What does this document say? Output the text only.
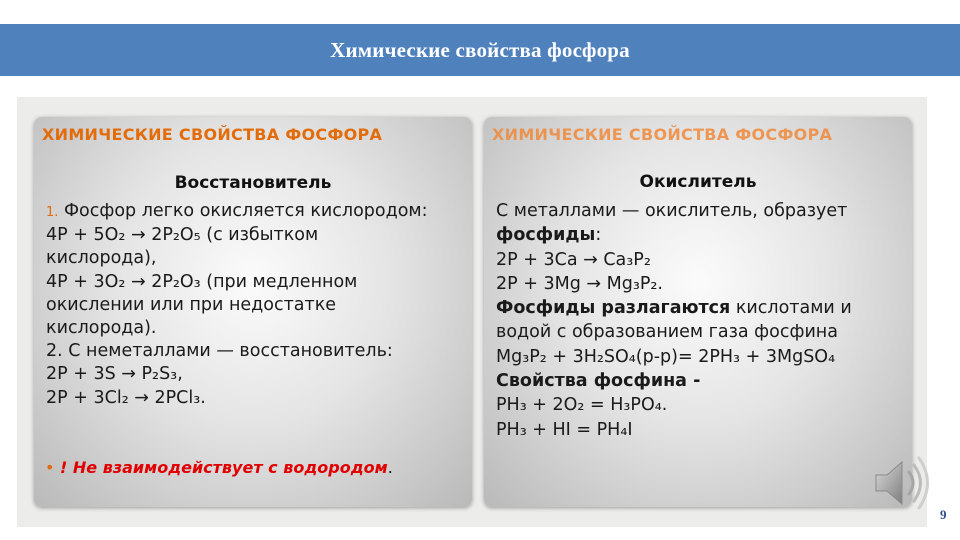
Химические свойства фосфора
ХИМИЧЕСКИЕ СВОЙСТВА ФОСФОРА
Восстановитель
1. Фосфор легко окисляется кислородом:
4P + 5O₂ → 2P₂O₅ (с избытком
кислорода),
4P + 3O₂ → 2P₂O₃ (при медленном
окислении или при недостатке
кислорода).
2. С неметаллами — восстановитель:
2P + 3S → P₂S₃,
2P + 3Cl₂ → 2PCl₃.
• ! Не взаимодействует с водородом.
ХИМИЧЕСКИЕ СВОЙСТВА ФОСФОРА
Окислитель
С металлами — окислитель, образует
фосфиды:
2P + 3Ca → Ca₃P₂
2P + 3Mg → Mg₃P₂.
Фосфиды разлагаются кислотами и
водой с образованием газа фосфина
Mg₃P₂ + 3H₂SO₄(р-р)= 2PH₃ + 3MgSO₄
Свойства фосфина -
PH₃ + 2O₂ = H₃PO₄.
PH₃ + HI = PH₄I
9
